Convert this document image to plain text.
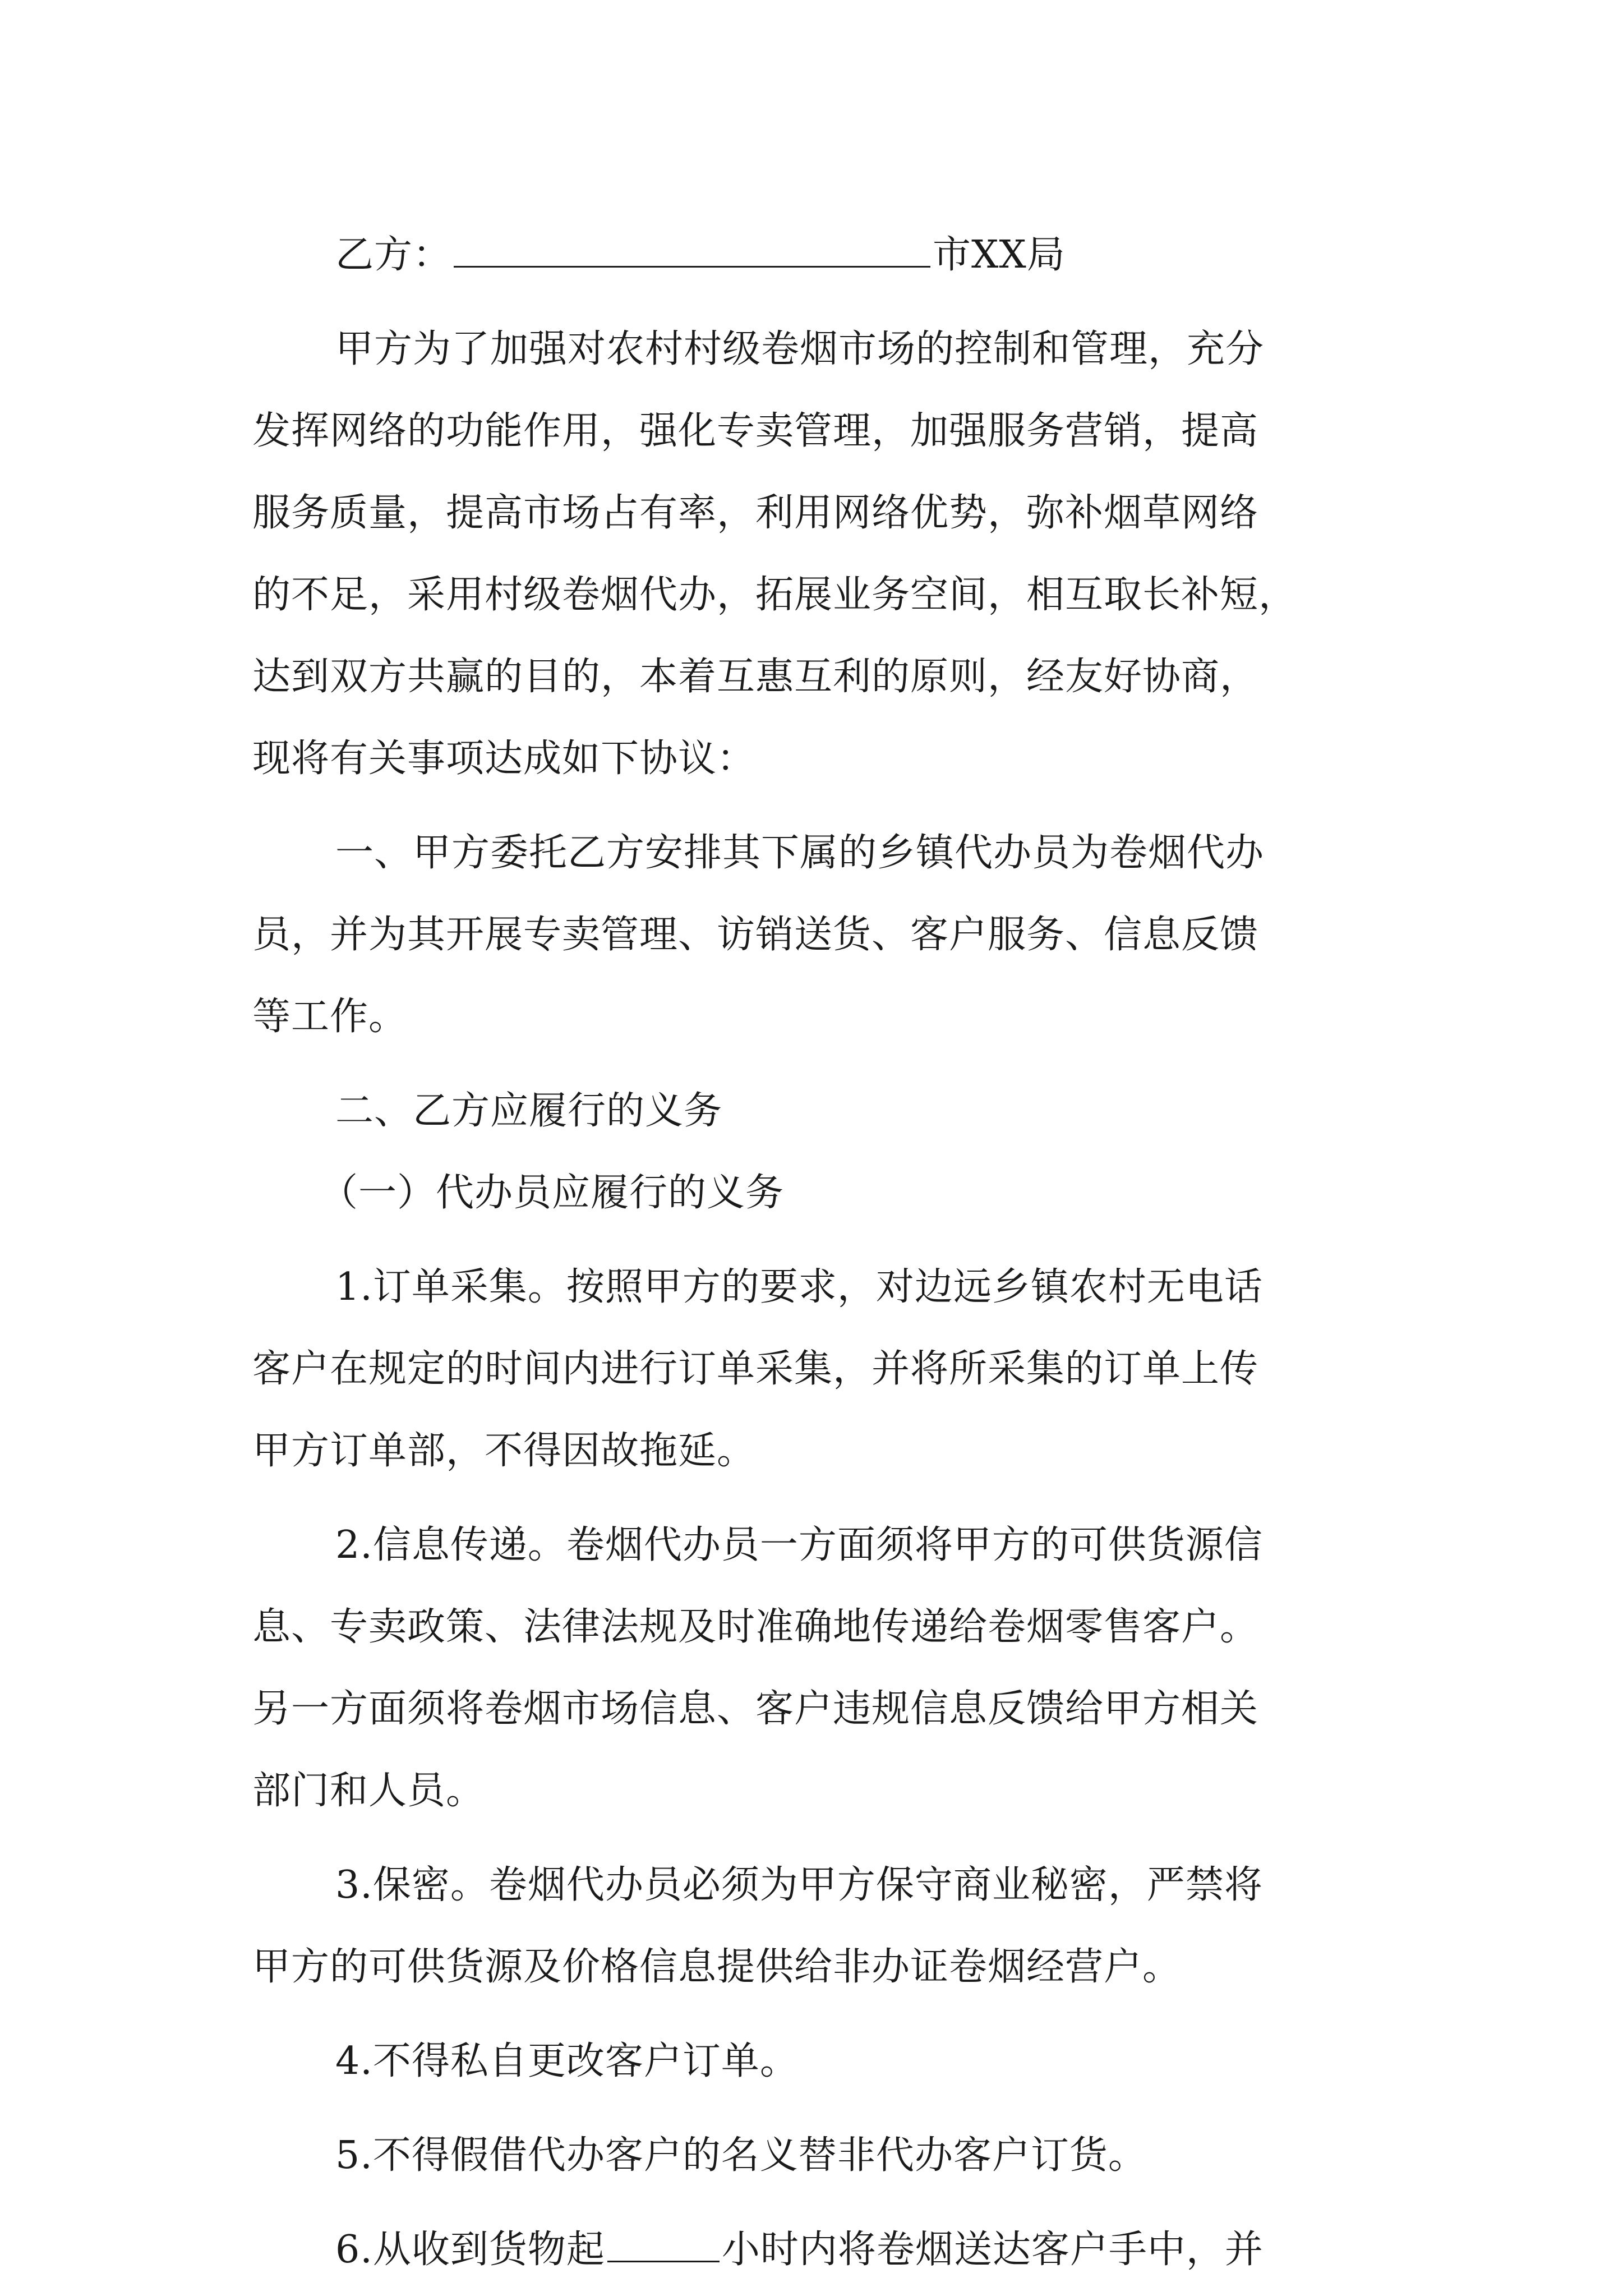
乙方：	市XX局
甲方为了加强对农村村级卷烟市场的控制和管理，充分
发挥网络的功能作用，强化专卖管理，加强服务营销，提高
服务质量，提高市场占有率，利用网络优势，弥补烟草网络
的不足，采用村级卷烟代办，拓展业务空间，相互取长补短，
达到双方共赢的目的，本着互惠互利的原则，经友好协商，
现将有关事项达成如下协议：
一、甲方委托乙方安排其下属的乡镇代办员为卷烟代办
员，并为其开展专卖管理、访销送货、客户服务、信息反馈
等工作。
二、乙方应履行的义务
（一）代办员应履行的义务
1.订单采集。按照甲方的要求，对边远乡镇农村无电话
客户在规定的时间内进行订单采集，并将所采集的订单上传
甲方订单部，不得因故拖延。
2.信息传递。卷烟代办员一方面须将甲方的可供货源信
息、专卖政策、法律法规及时准确地传递给卷烟零售客户。
另一方面须将卷烟市场信息、客户违规信息反馈给甲方相关
部门和人员。
3.保密。卷烟代办员必须为甲方保守商业秘密，严禁将
甲方的可供货源及价格信息提供给非办证卷烟经营户。
4.不得私自更改客户订单。
5.不得假借代办客户的名义替非代办客户订货。
6.从收到货物起	小时内将卷烟送达客户手中，并
